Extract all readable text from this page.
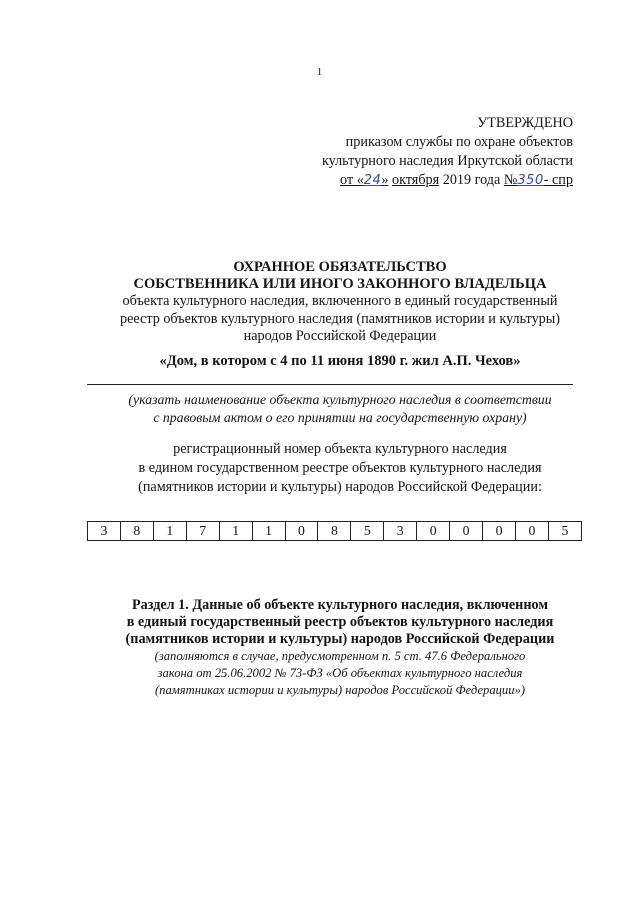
1
УТВЕРЖДЕНО
приказом службы по охране объектов
культурного наследия Иркутской области
от «24» октября 2019 года №350- спр
ОХРАННОЕ ОБЯЗАТЕЛЬСТВО
СОБСТВЕННИКА ИЛИ ИНОГО ЗАКОННОГО ВЛАДЕЛЬЦА
объекта культурного наследия, включенного в единый государственный
реестр объектов культурного наследия (памятников истории и культуры)
народов Российской Федерации
«Дом, в котором с 4 по 11 июня 1890 г. жил А.П. Чехов»
(указать наименование объекта культурного наследия в соответствии
с правовым актом о его принятии на государственную охрану)
регистрационный номер объекта культурного наследия
в едином государственном реестре объектов культурного наследия
(памятников истории и культуры) народов Российской Федерации:
3	8	1	7	1	1	0	8	5	3	0	0	0	0	5
Раздел 1. Данные об объекте культурного наследия, включенном
в единый государственный реестр объектов культурного наследия
(памятников истории и культуры) народов Российской Федерации
(заполняются в случае, предусмотренном п. 5 ст. 47.6 Федерального
закона от 25.06.2002 № 73-ФЗ «Об объектах культурного наследия
(памятниках истории и культуры) народов Российской Федерации»)
